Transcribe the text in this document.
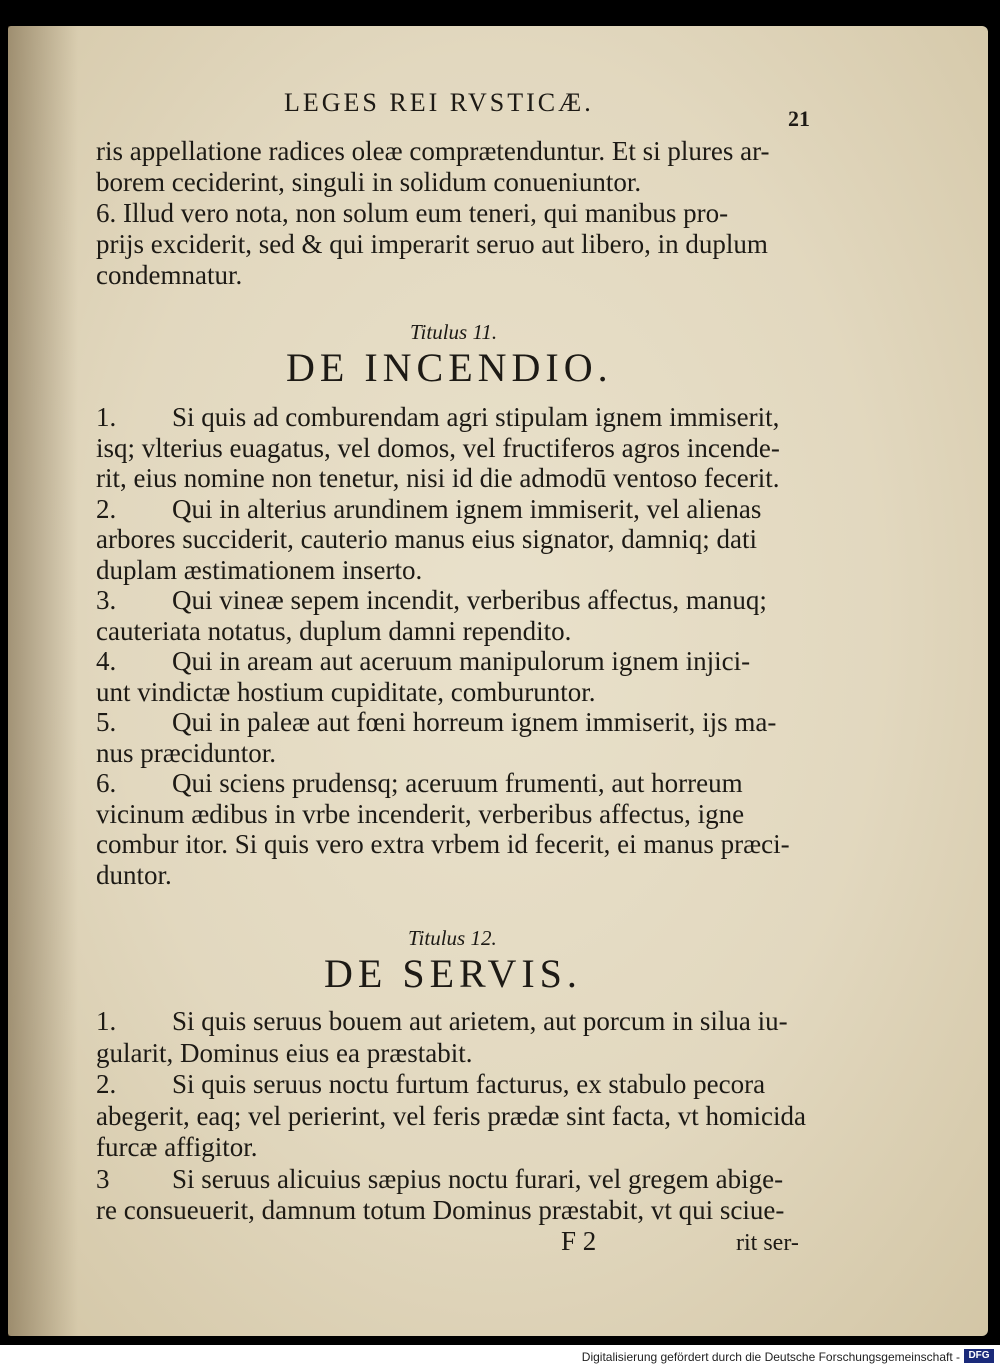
LEGES REI RVSTICÆ.
21
ris appellatione radices oleæ comprætenduntur. Et si plures ar-
borem ceciderint, singuli in solidum conueniuntor.
6. Illud vero nota, non solum eum teneri, qui manibus pro-
prijs exciderit, sed & qui imperarit seruo aut libero, in duplum
condemnatur.
Titulus 11.
DE INCENDIO.
1. Si quis ad comburendam agri stipulam ignem immiserit,
isq; vlterius euagatus, vel domos, vel fructiferos agros incende-
rit, eius nomine non tenetur, nisi id die admodū ventoso fecerit.
2. Qui in alterius arundinem ignem immiserit, vel alienas
arbores succiderit, cauterio manus eius signator, damniq; dati
duplam æstimationem inserto.
3. Qui vineæ sepem incendit, verberibus affectus, manuq;
cauteriata notatus, duplum damni rependito.
4. Qui in aream aut aceruum manipulorum ignem injici-
unt vindictæ hostium cupiditate, comburuntor.
5. Qui in paleæ aut fœni horreum ignem immiserit, ijs ma-
nus præciduntor.
6. Qui sciens prudensq; aceruum frumenti, aut horreum
vicinum ædibus in vrbe incenderit, verberibus affectus, igne
combur itor. Si quis vero extra vrbem id fecerit, ei manus præci-
duntor.
Titulus 12.
DE SERVIS.
1. Si quis seruus bouem aut arietem, aut porcum in silua iu-
gularit, Dominus eius ea præstabit.
2. Si quis seruus noctu furtum facturus, ex stabulo pecora
abegerit, eaq; vel perierint, vel feris prædæ sint facta, vt homicida
furcæ affigitor.
3 Si seruus alicuius sæpius noctu furari, vel gregem abige-
re consueuerit, damnum totum Dominus præstabit, vt qui sciue-
F 2	rit ser-
Digitalisierung gefördert durch die Deutsche Forschungsgemeinschaft - DFG
